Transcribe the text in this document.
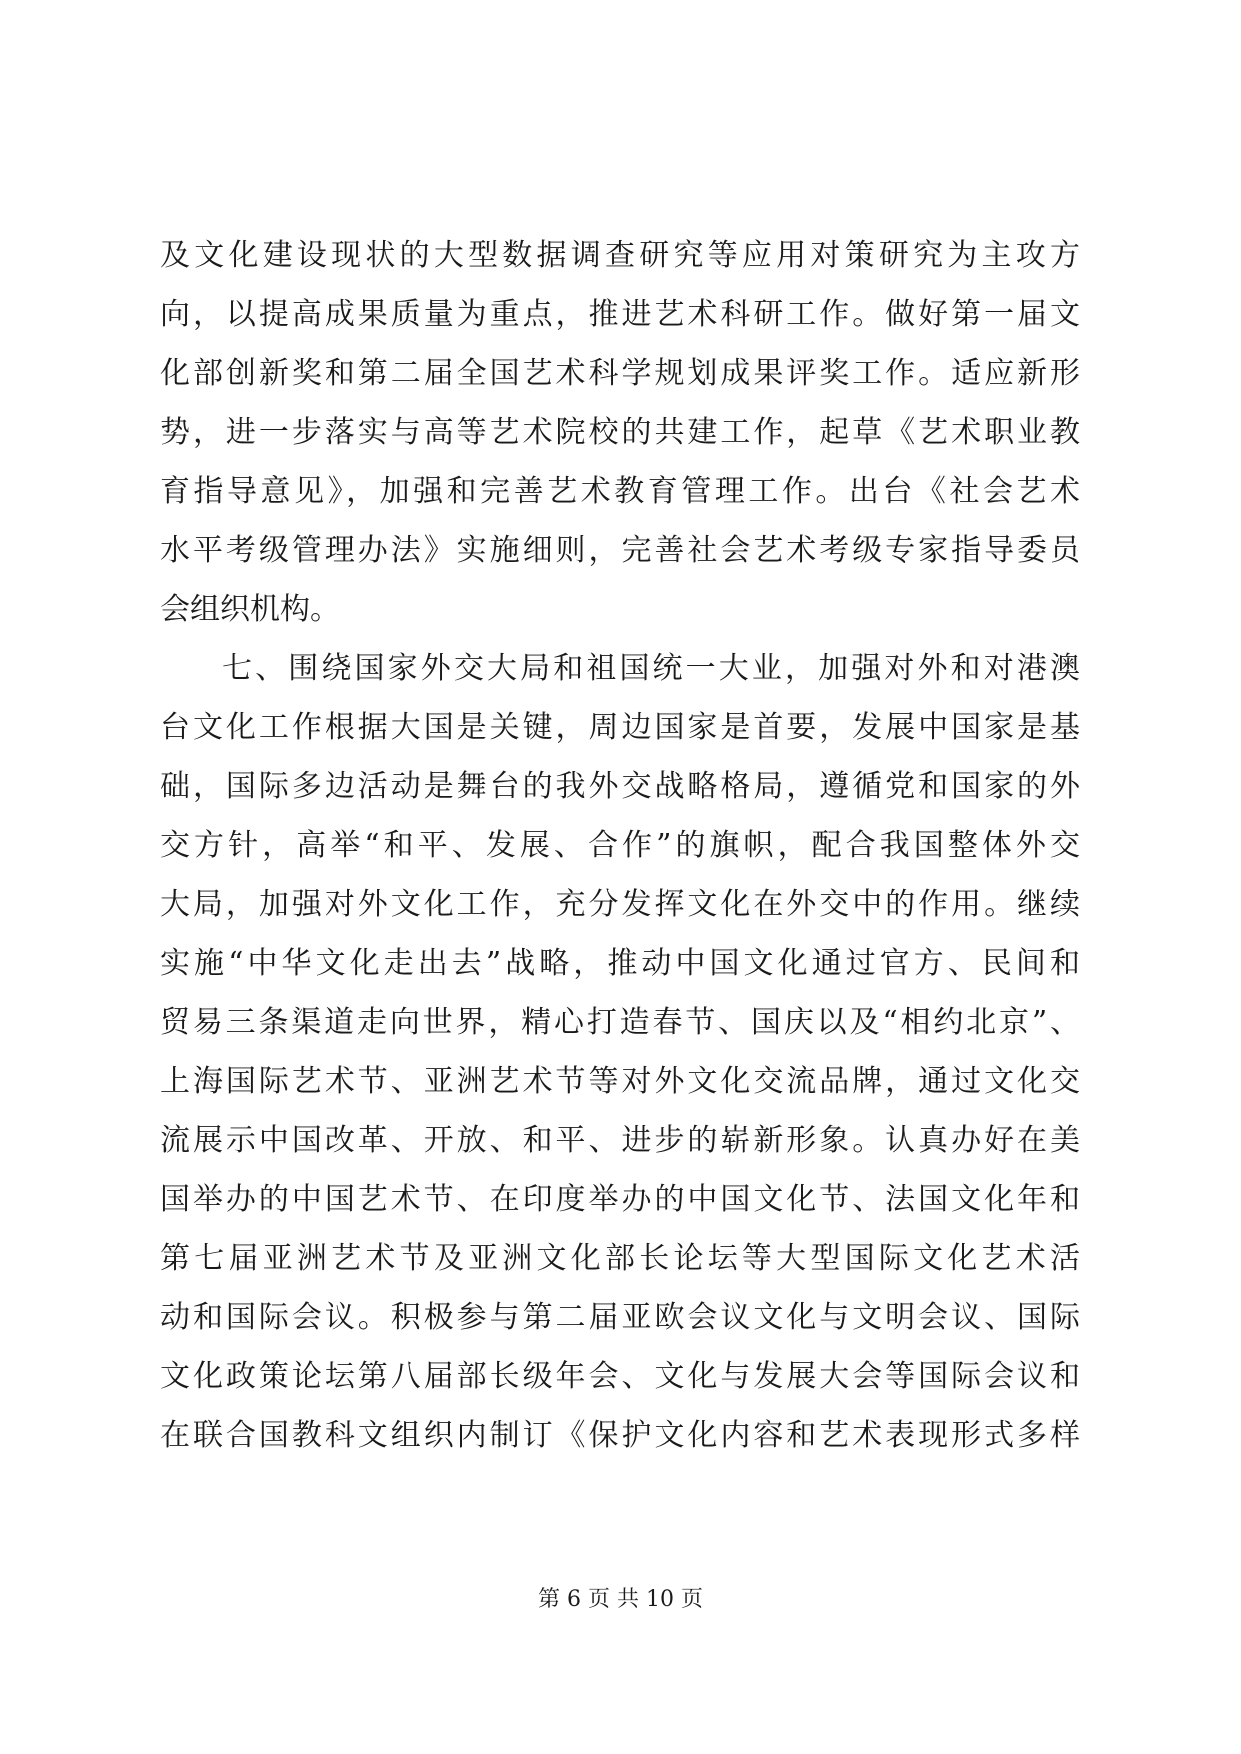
及文化建设现状的大型数据调查研究等应用对策研究为主攻方
向，以提高成果质量为重点，推进艺术科研工作。做好第一届文
化部创新奖和第二届全国艺术科学规划成果评奖工作。适应新形
势，进一步落实与高等艺术院校的共建工作，起草《艺术职业教
育指导意见》，加强和完善艺术教育管理工作。出台《社会艺术
水平考级管理办法》实施细则，完善社会艺术考级专家指导委员
会组织机构。
七、围绕国家外交大局和祖国统一大业，加强对外和对港澳
台文化工作根据大国是关键，周边国家是首要，发展中国家是基
础，国际多边活动是舞台的我外交战略格局，遵循党和国家的外
交方针，高举“和平、发展、合作”的旗帜，配合我国整体外交
大局，加强对外文化工作，充分发挥文化在外交中的作用。继续
实施“中华文化走出去”战略，推动中国文化通过官方、民间和
贸易三条渠道走向世界，精心打造春节、国庆以及“相约北京”、
上海国际艺术节、亚洲艺术节等对外文化交流品牌，通过文化交
流展示中国改革、开放、和平、进步的崭新形象。认真办好在美
国举办的中国艺术节、在印度举办的中国文化节、法国文化年和
第七届亚洲艺术节及亚洲文化部长论坛等大型国际文化艺术活
动和国际会议。积极参与第二届亚欧会议文化与文明会议、国际
文化政策论坛第八届部长级年会、文化与发展大会等国际会议和
在联合国教科文组织内制订《保护文化内容和艺术表现形式多样
第 6 页 共 10 页
